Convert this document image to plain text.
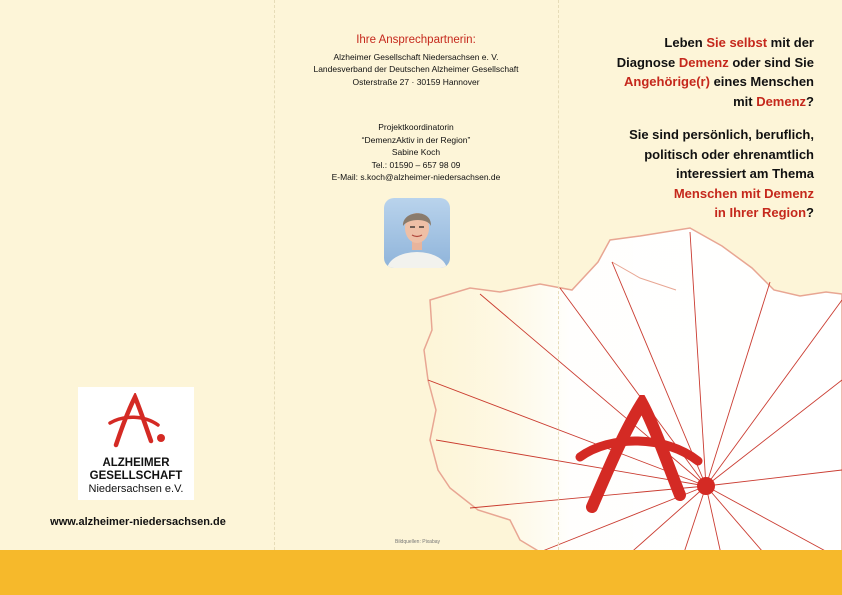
Ihre Ansprechpartnerin:
Alzheimer Gesellschaft Niedersachsen e. V.
Landesverband der Deutschen Alzheimer Gesellschaft
Osterstraße 27 · 30159 Hannover
Projektkoordinatorin
“DemenzAktiv in der Region”
Sabine Koch
Tel.: 01590 – 657 98 09
E-Mail: s.koch@alzheimer-niedersachsen.de
Bildquellen: Pixabay
ALZHEIMER
GESELLSCHAFT
Niedersachsen e.V.
www.alzheimer-niedersachsen.de

Leben Sie selbst mit der

Diagnose Demenz oder sind Sie

Angehörige(r) eines Menschen

mit Demenz?

Sie sind persönlich, beruflich,

politisch oder ehrenamtlich

interessiert am Thema

Menschen mit Demenz

in Ihrer Region?
